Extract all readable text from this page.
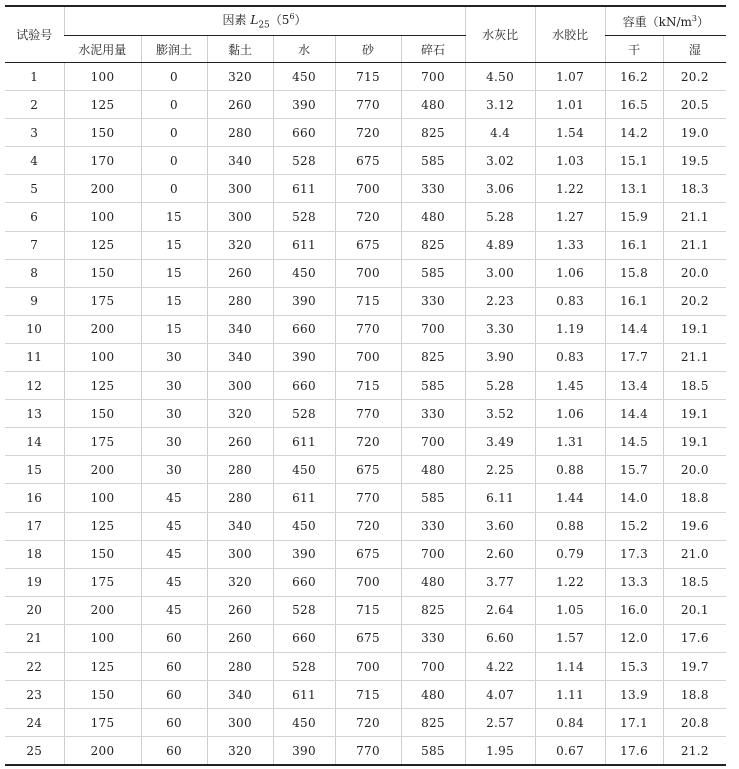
试验号	因素 $L_{25}(5^6)$						水灰比	水胶比	容重$(kN/m^3)$	
	水泥用量	膨润土	黏土	水	砂	碎石			干	湿
1	100	0	320	450	715	700	4.50	1.07	16.2	20.2
2	125	0	260	390	770	480	3.12	1.01	16.5	20.5
3	150	0	280	660	720	825	4.4	1.54	14.2	19.0
4	170	0	340	528	675	585	3.02	1.03	15.1	19.5
5	200	0	300	611	700	330	3.06	1.22	13.1	18.3
6	100	15	300	528	720	480	5.28	1.27	15.9	21.1
7	125	15	320	611	675	825	4.89	1.33	16.1	21.1
8	150	15	260	450	700	585	3.00	1.06	15.8	20.0
9	175	15	280	390	715	330	2.23	0.83	16.1	20.2
10	200	15	340	660	770	700	3.30	1.19	14.4	19.1
11	100	30	340	390	700	825	3.90	0.83	17.7	21.1
12	125	30	300	660	715	585	5.28	1.45	13.4	18.5
13	150	30	320	528	770	330	3.52	1.06	14.4	19.1
14	175	30	260	611	720	700	3.49	1.31	14.5	19.1
15	200	30	280	450	675	480	2.25	0.88	15.7	20.0
16	100	45	280	611	770	585	6.11	1.44	14.0	18.8
17	125	45	340	450	720	330	3.60	0.88	15.2	19.6
18	150	45	300	390	675	700	2.60	0.79	17.3	21.0
19	175	45	320	660	700	480	3.77	1.22	13.3	18.5
20	200	45	260	528	715	825	2.64	1.05	16.0	20.1
21	100	60	260	660	675	330	6.60	1.57	12.0	17.6
22	125	60	280	528	700	700	4.22	1.14	15.3	19.7
23	150	60	340	611	715	480	4.07	1.11	13.9	18.8
24	175	60	300	450	720	825	2.57	0.84	17.1	20.8
25	200	60	320	390	770	585	1.95	0.67	17.6	21.2
